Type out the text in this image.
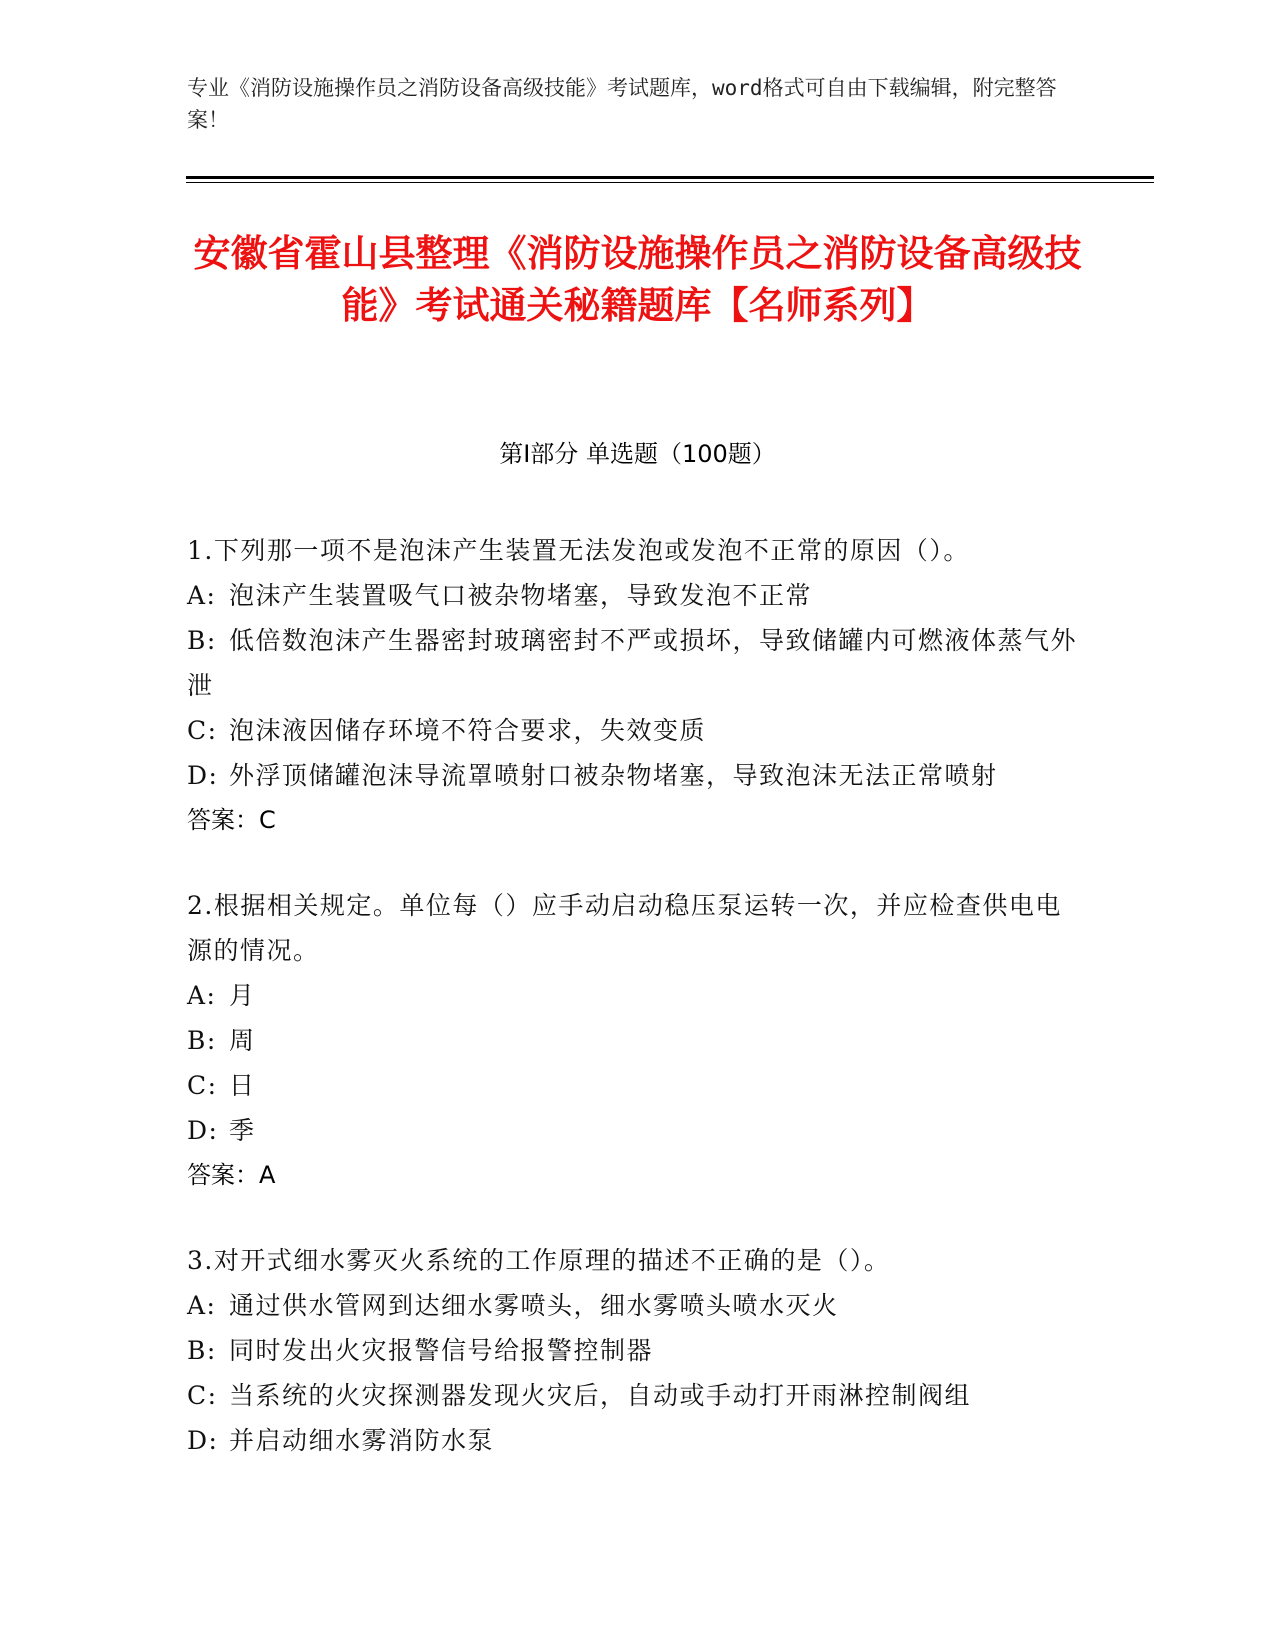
专业《消防设施操作员之消防设备高级技能》考试题库，word格式可自由下载编辑，附完整答案！
安徽省霍山县整理《消防设施操作员之消防设备高级技能》考试通关秘籍题库【名师系列】
第I部分 单选题（100题）
1.下列那一项不是泡沫产生装置无法发泡或发泡不正常的原因（）。
A: 泡沫产生装置吸气口被杂物堵塞，导致发泡不正常
B: 低倍数泡沫产生器密封玻璃密封不严或损坏，导致储罐内可燃液体蒸气外泄
C: 泡沫液因储存环境不符合要求，失效变质
D: 外浮顶储罐泡沫导流罩喷射口被杂物堵塞，导致泡沫无法正常喷射
答案：C
2.根据相关规定。单位每（）应手动启动稳压泵运转一次，并应检查供电电源的情况。
A: 月
B: 周
C: 日
D: 季
答案：A
3.对开式细水雾灭火系统的工作原理的描述不正确的是（）。
A: 通过供水管网到达细水雾喷头，细水雾喷头喷水灭火
B: 同时发出火灾报警信号给报警控制器
C: 当系统的火灾探测器发现火灾后，自动或手动打开雨淋控制阀组
D: 并启动细水雾消防水泵
